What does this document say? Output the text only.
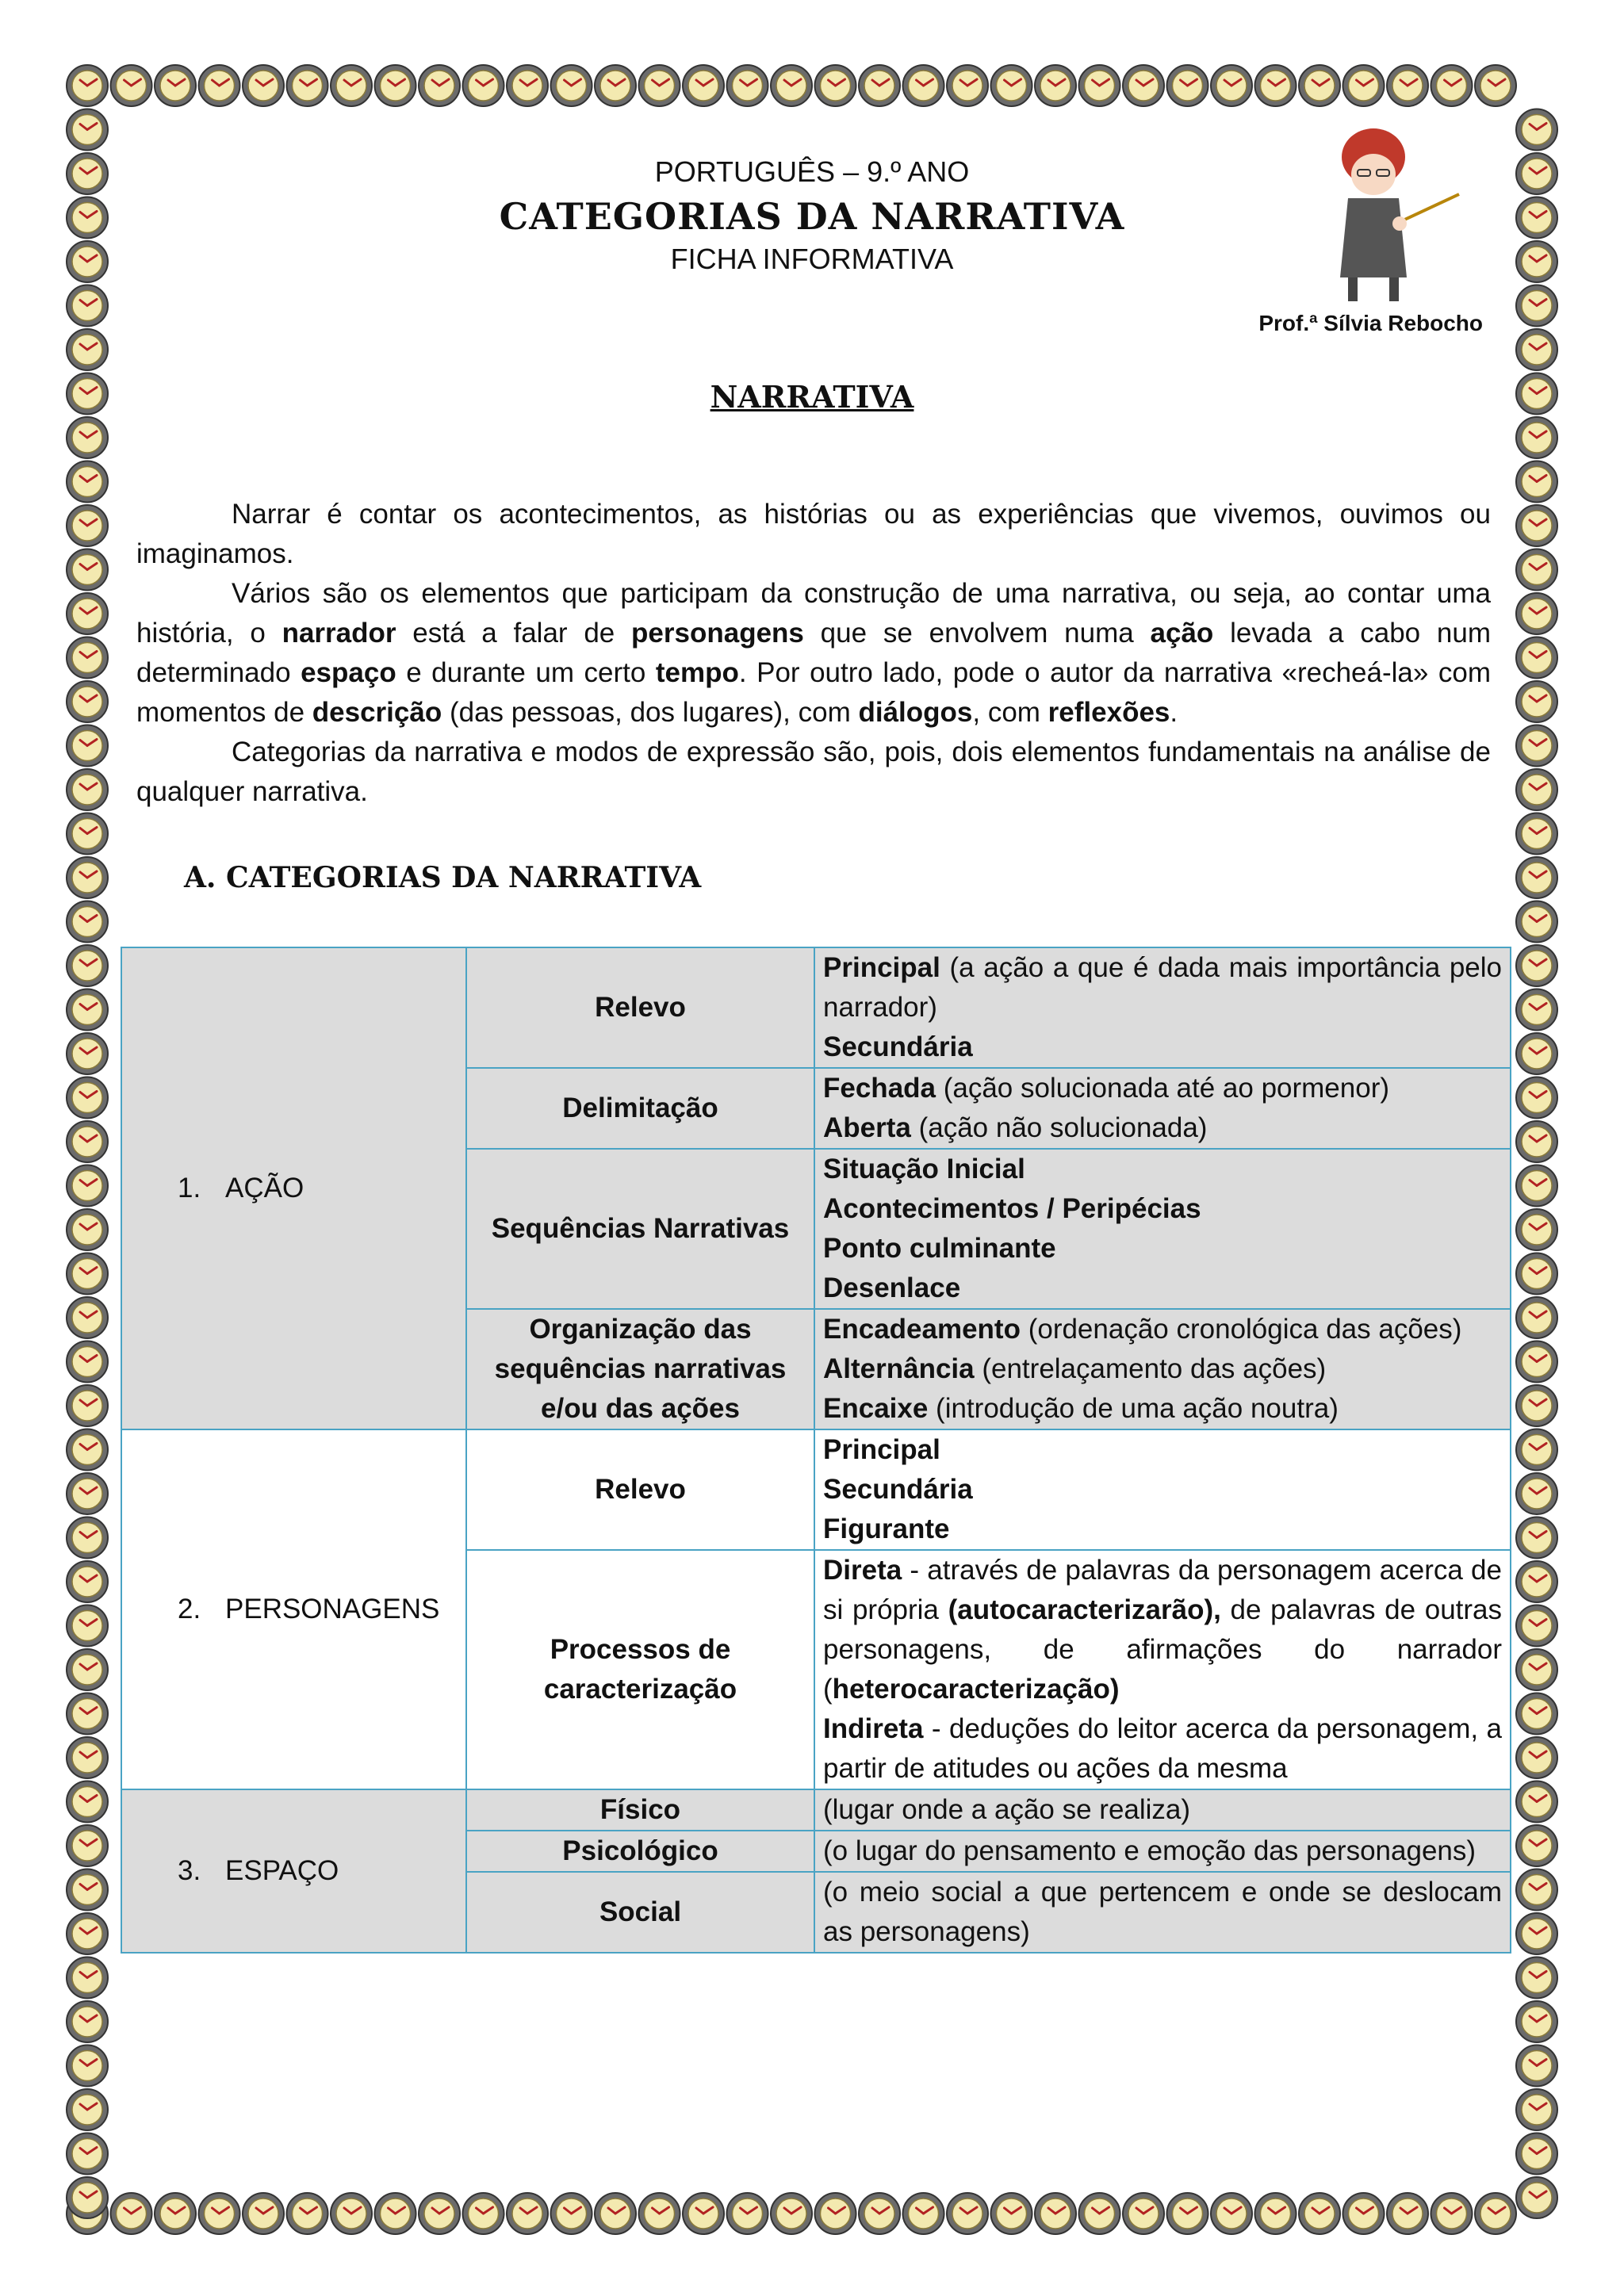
PORTUGUÊS – 9.º ANO
CATEGORIAS DA NARRATIVA
FICHA INFORMATIVA
Prof.ª Sílvia Rebocho
NARRATIVA

Narrar é contar os acontecimentos, as histórias ou as experiências que vivemos, ouvimos ou imaginamos.

Vários são os elementos que participam da construção de uma narrativa, ou seja, ao contar uma história, o narrador está a falar de personagens que se envolvem numa ação levada a cabo num determinado espaço e durante um certo tempo. Por outro lado, pode o autor da narrativa «recheá-la» com momentos de descrição (das pessoas, dos lugares), com diálogos, com reflexões.

Categorias da narrativa e modos de expressão são, pois, dois elementos fundamentais na análise de qualquer narrativa.

A. CATEGORIAS DA NARRATIVA
1. AÇÃO	Relevo	Principal (a ação a que é dada mais importância pelo narrador)
Secundária
	Delimitação	Fechada (ação solucionada até ao pormenor)
Aberta (ação não solucionada)
	Sequências Narrativas	Situação Inicial
Acontecimentos / Peripécias
Ponto culminante
Desenlace
	Organização das sequências narrativas e/ou das ações	Encadeamento (ordenação cronológica das ações)
Alternância (entrelaçamento das ações)
Encaixe (introdução de uma ação noutra)
2. PERSONAGENS	Relevo	Principal
Secundária
Figurante
	Processos de caracterização	Direta - através de palavras da personagem acerca de si própria (autocaracterizarão), de palavras de outras personagens, de afirmações do narrador (heterocaracterização)
Indireta - deduções do leitor acerca da personagem, a partir de atitudes ou ações da mesma
3. ESPAÇO	Físico	(lugar onde a ação se realiza)
	Psicológico	(o lugar do pensamento e emoção das personagens)
	Social	(o meio social a que pertencem e onde se deslocam as personagens)
